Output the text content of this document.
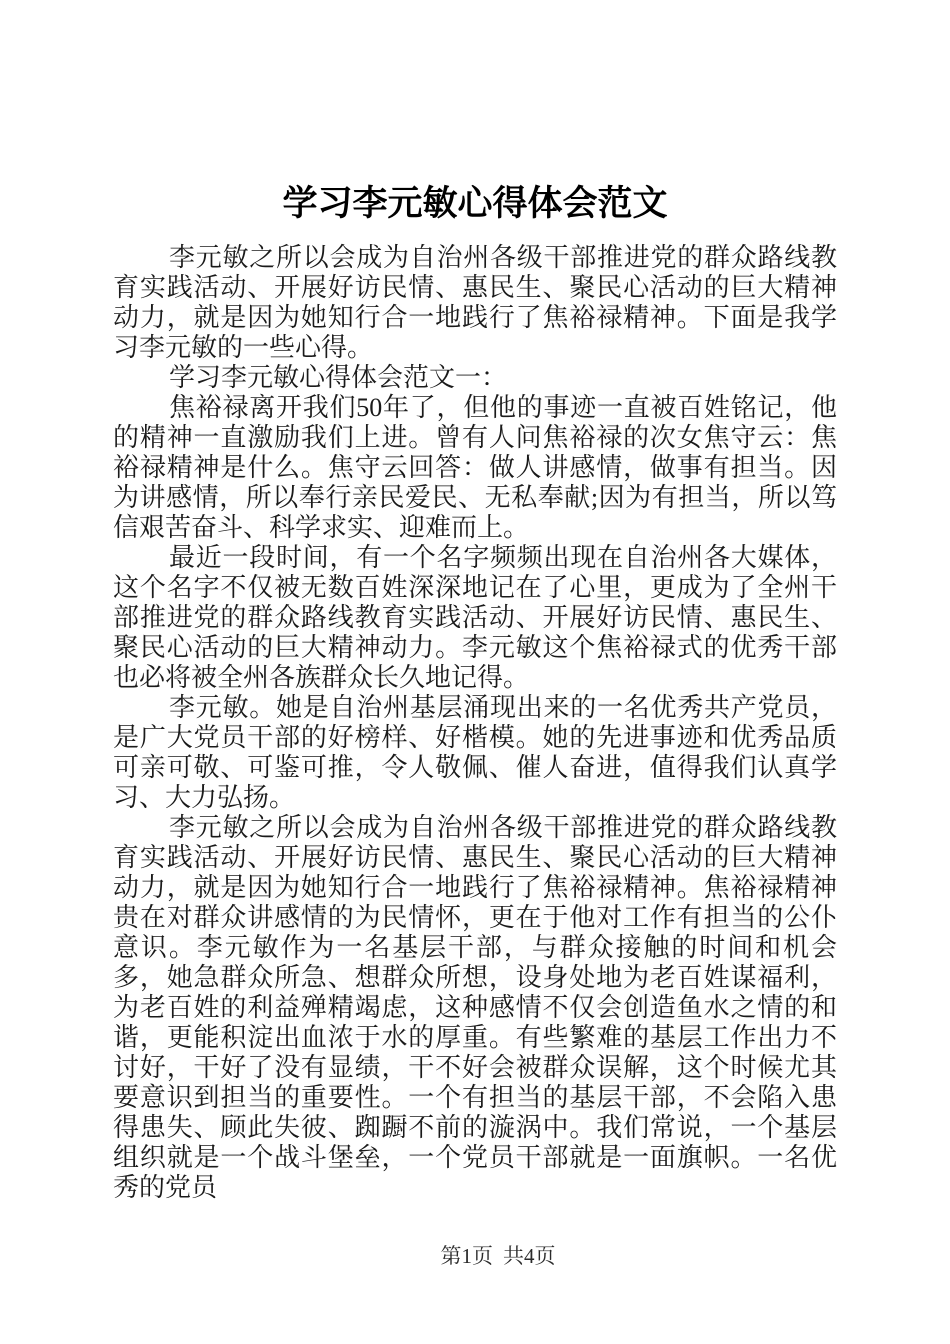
学习李元敏心得体会范文

李元敏之所以会成为自治州各级干部推进党的群众路线教育实践活动、开展好访民情、惠民生、聚民心活动的巨大精神动力，就是因为她知行合一地践行了焦裕禄精神。下面是我学习李元敏的一些心得。

学习李元敏心得体会范文一：

焦裕禄离开我们50年了，但他的事迹一直被百姓铭记，他的精神一直激励我们上进。曾有人问焦裕禄的次女焦守云：焦裕禄精神是什么。焦守云回答：做人讲感情，做事有担当。因为讲感情，所以奉行亲民爱民、无私奉献;因为有担当，所以笃信艰苦奋斗、科学求实、迎难而上。

最近一段时间，有一个名字频频出现在自治州各大媒体，这个名字不仅被无数百姓深深地记在了心里，更成为了全州干部推进党的群众路线教育实践活动、开展好访民情、惠民生、聚民心活动的巨大精神动力。李元敏这个焦裕禄式的优秀干部也必将被全州各族群众长久地记得。

李元敏。她是自治州基层涌现出来的一名优秀共产党员，是广大党员干部的好榜样、好楷模。她的先进事迹和优秀品质可亲可敬、可鉴可推，令人敬佩、催人奋进，值得我们认真学习、大力弘扬。

李元敏之所以会成为自治州各级干部推进党的群众路线教育实践活动、开展好访民情、惠民生、聚民心活动的巨大精神动力，就是因为她知行合一地践行了焦裕禄精神。焦裕禄精神贵在对群众讲感情的为民情怀，更在于他对工作有担当的公仆意识。李元敏作为一名基层干部，与群众接触的时间和机会多，她急群众所急、想群众所想，设身处地为老百姓谋福利，为老百姓的利益殚精竭虑，这种感情不仅会创造鱼水之情的和谐，更能积淀出血浓于水的厚重。有些繁难的基层工作出力不讨好，干好了没有显绩，干不好会被群众误解，这个时候尤其要意识到担当的重要性。一个有担当的基层干部，不会陷入患得患失、顾此失彼、踟蹰不前的漩涡中。我们常说，一个基层组织就是一个战斗堡垒，一个党员干部就是一面旗帜。一名优秀的党员

第1页 共4页
